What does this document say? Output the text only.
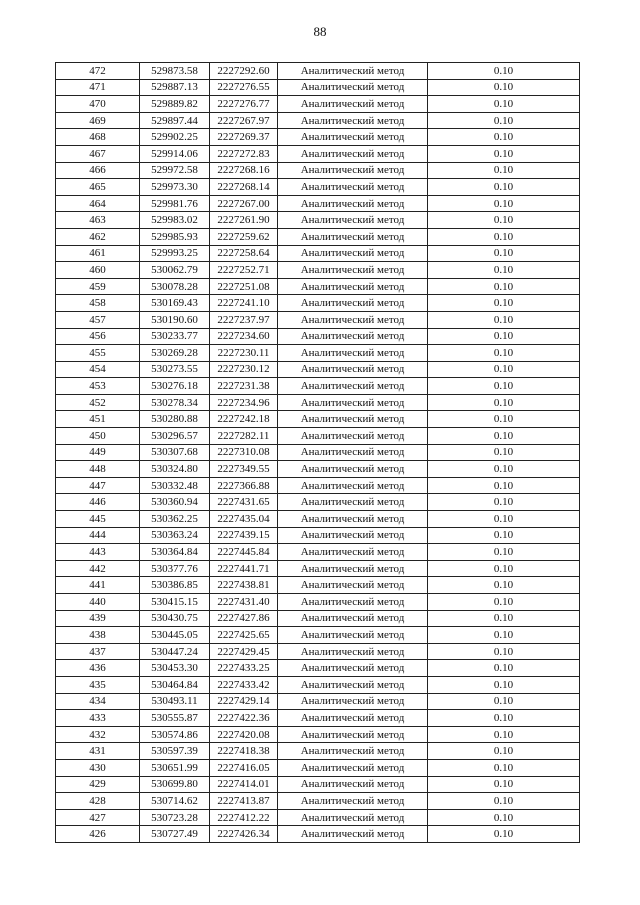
88
472	529873.58	2227292.60	Аналитический метод	0.10
471	529887.13	2227276.55	Аналитический метод	0.10
470	529889.82	2227276.77	Аналитический метод	0.10
469	529897.44	2227267.97	Аналитический метод	0.10
468	529902.25	2227269.37	Аналитический метод	0.10
467	529914.06	2227272.83	Аналитический метод	0.10
466	529972.58	2227268.16	Аналитический метод	0.10
465	529973.30	2227268.14	Аналитический метод	0.10
464	529981.76	2227267.00	Аналитический метод	0.10
463	529983.02	2227261.90	Аналитический метод	0.10
462	529985.93	2227259.62	Аналитический метод	0.10
461	529993.25	2227258.64	Аналитический метод	0.10
460	530062.79	2227252.71	Аналитический метод	0.10
459	530078.28	2227251.08	Аналитический метод	0.10
458	530169.43	2227241.10	Аналитический метод	0.10
457	530190.60	2227237.97	Аналитический метод	0.10
456	530233.77	2227234.60	Аналитический метод	0.10
455	530269.28	2227230.11	Аналитический метод	0.10
454	530273.55	2227230.12	Аналитический метод	0.10
453	530276.18	2227231.38	Аналитический метод	0.10
452	530278.34	2227234.96	Аналитический метод	0.10
451	530280.88	2227242.18	Аналитический метод	0.10
450	530296.57	2227282.11	Аналитический метод	0.10
449	530307.68	2227310.08	Аналитический метод	0.10
448	530324.80	2227349.55	Аналитический метод	0.10
447	530332.48	2227366.88	Аналитический метод	0.10
446	530360.94	2227431.65	Аналитический метод	0.10
445	530362.25	2227435.04	Аналитический метод	0.10
444	530363.24	2227439.15	Аналитический метод	0.10
443	530364.84	2227445.84	Аналитический метод	0.10
442	530377.76	2227441.71	Аналитический метод	0.10
441	530386.85	2227438.81	Аналитический метод	0.10
440	530415.15	2227431.40	Аналитический метод	0.10
439	530430.75	2227427.86	Аналитический метод	0.10
438	530445.05	2227425.65	Аналитический метод	0.10
437	530447.24	2227429.45	Аналитический метод	0.10
436	530453.30	2227433.25	Аналитический метод	0.10
435	530464.84	2227433.42	Аналитический метод	0.10
434	530493.11	2227429.14	Аналитический метод	0.10
433	530555.87	2227422.36	Аналитический метод	0.10
432	530574.86	2227420.08	Аналитический метод	0.10
431	530597.39	2227418.38	Аналитический метод	0.10
430	530651.99	2227416.05	Аналитический метод	0.10
429	530699.80	2227414.01	Аналитический метод	0.10
428	530714.62	2227413.87	Аналитический метод	0.10
427	530723.28	2227412.22	Аналитический метод	0.10
426	530727.49	2227426.34	Аналитический метод	0.10
